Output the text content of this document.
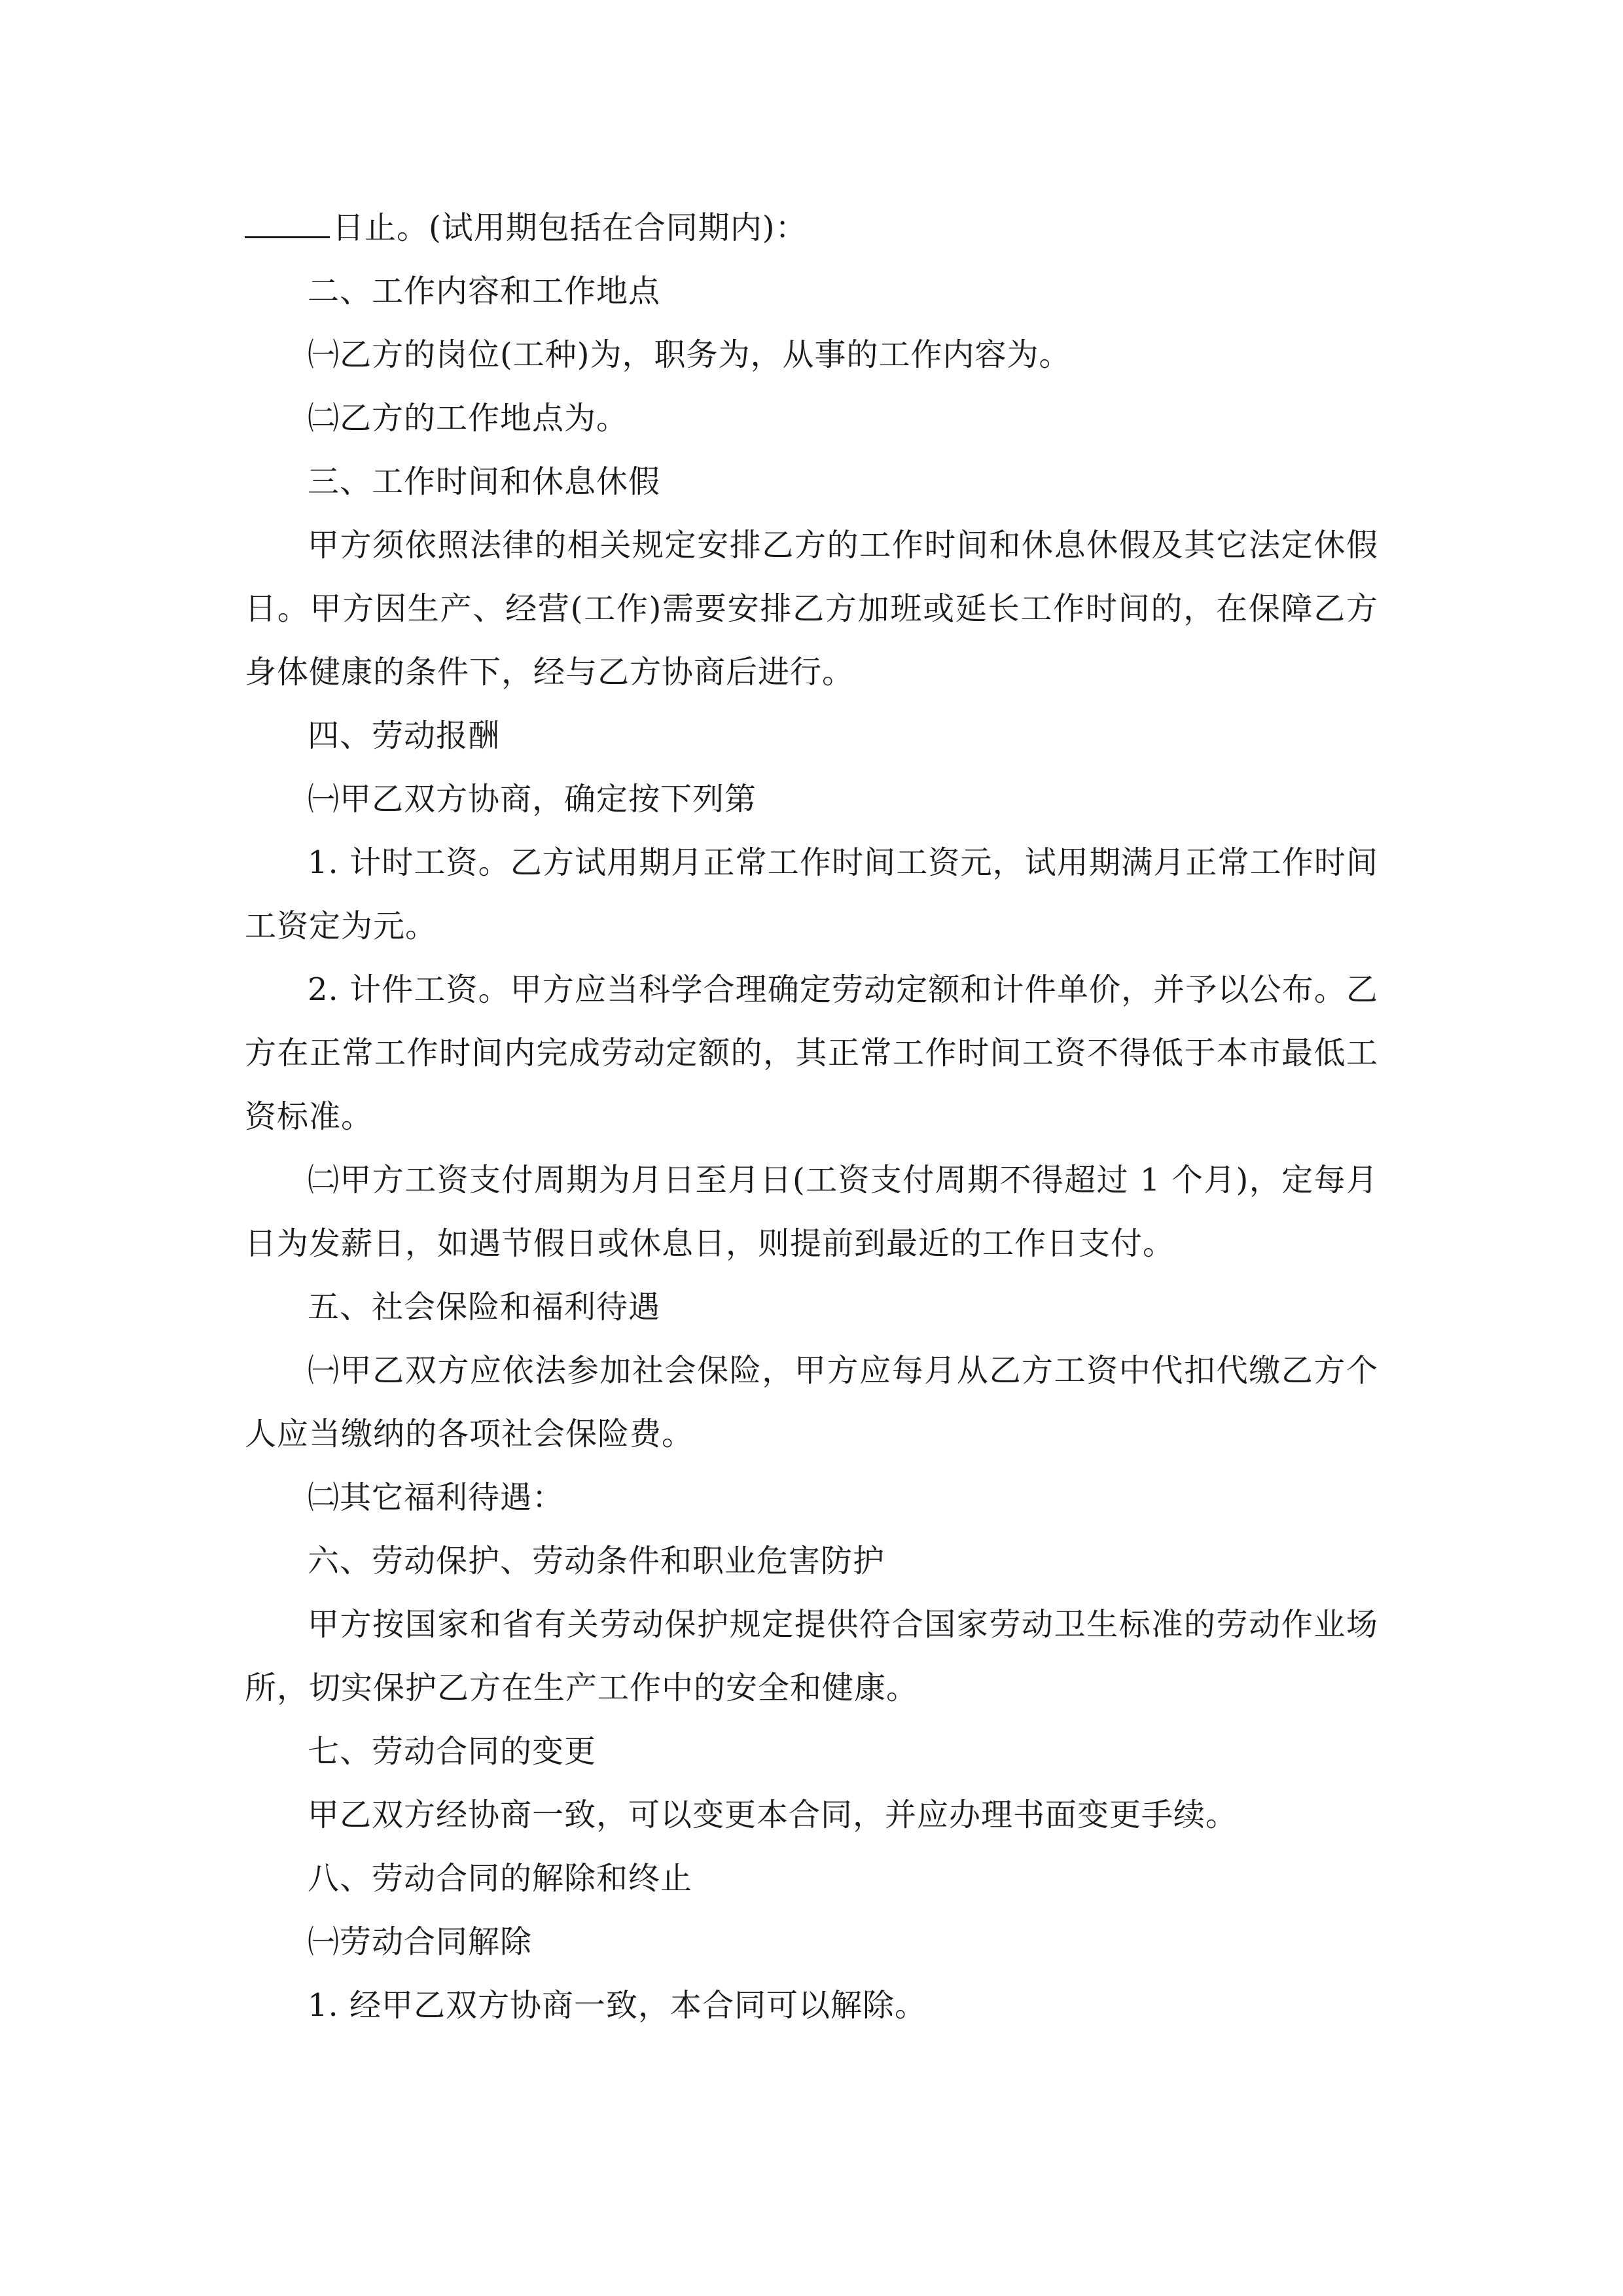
日止。(试用期包括在合同期内)：

二、工作内容和工作地点

㈠乙方的岗位(工种)为，职务为，从事的工作内容为。

㈡乙方的工作地点为。

三、工作时间和休息休假

甲方须依照法律的相关规定安排乙方的工作时间和休息休假及其它法定休假日。甲方因生产、经营(工作)需要安排乙方加班或延长工作时间的，在保障乙方身体健康的条件下，经与乙方协商后进行。

四、劳动报酬

㈠甲乙双方协商，确定按下列第

1. 计时工资。乙方试用期月正常工作时间工资元，试用期满月正常工作时间工资定为元。

2. 计件工资。甲方应当科学合理确定劳动定额和计件单价，并予以公布。乙方在正常工作时间内完成劳动定额的，其正常工作时间工资不得低于本市最低工资标准。

㈡甲方工资支付周期为月日至月日(工资支付周期不得超过 1 个月)，定每月日为发薪日，如遇节假日或休息日，则提前到最近的工作日支付。

五、社会保险和福利待遇

㈠甲乙双方应依法参加社会保险，甲方应每月从乙方工资中代扣代缴乙方个人应当缴纳的各项社会保险费。

㈡其它福利待遇：

六、劳动保护、劳动条件和职业危害防护

甲方按国家和省有关劳动保护规定提供符合国家劳动卫生标准的劳动作业场所，切实保护乙方在生产工作中的安全和健康。

七、劳动合同的变更

甲乙双方经协商一致，可以变更本合同，并应办理书面变更手续。

八、劳动合同的解除和终止

㈠劳动合同解除

1. 经甲乙双方协商一致，本合同可以解除。
